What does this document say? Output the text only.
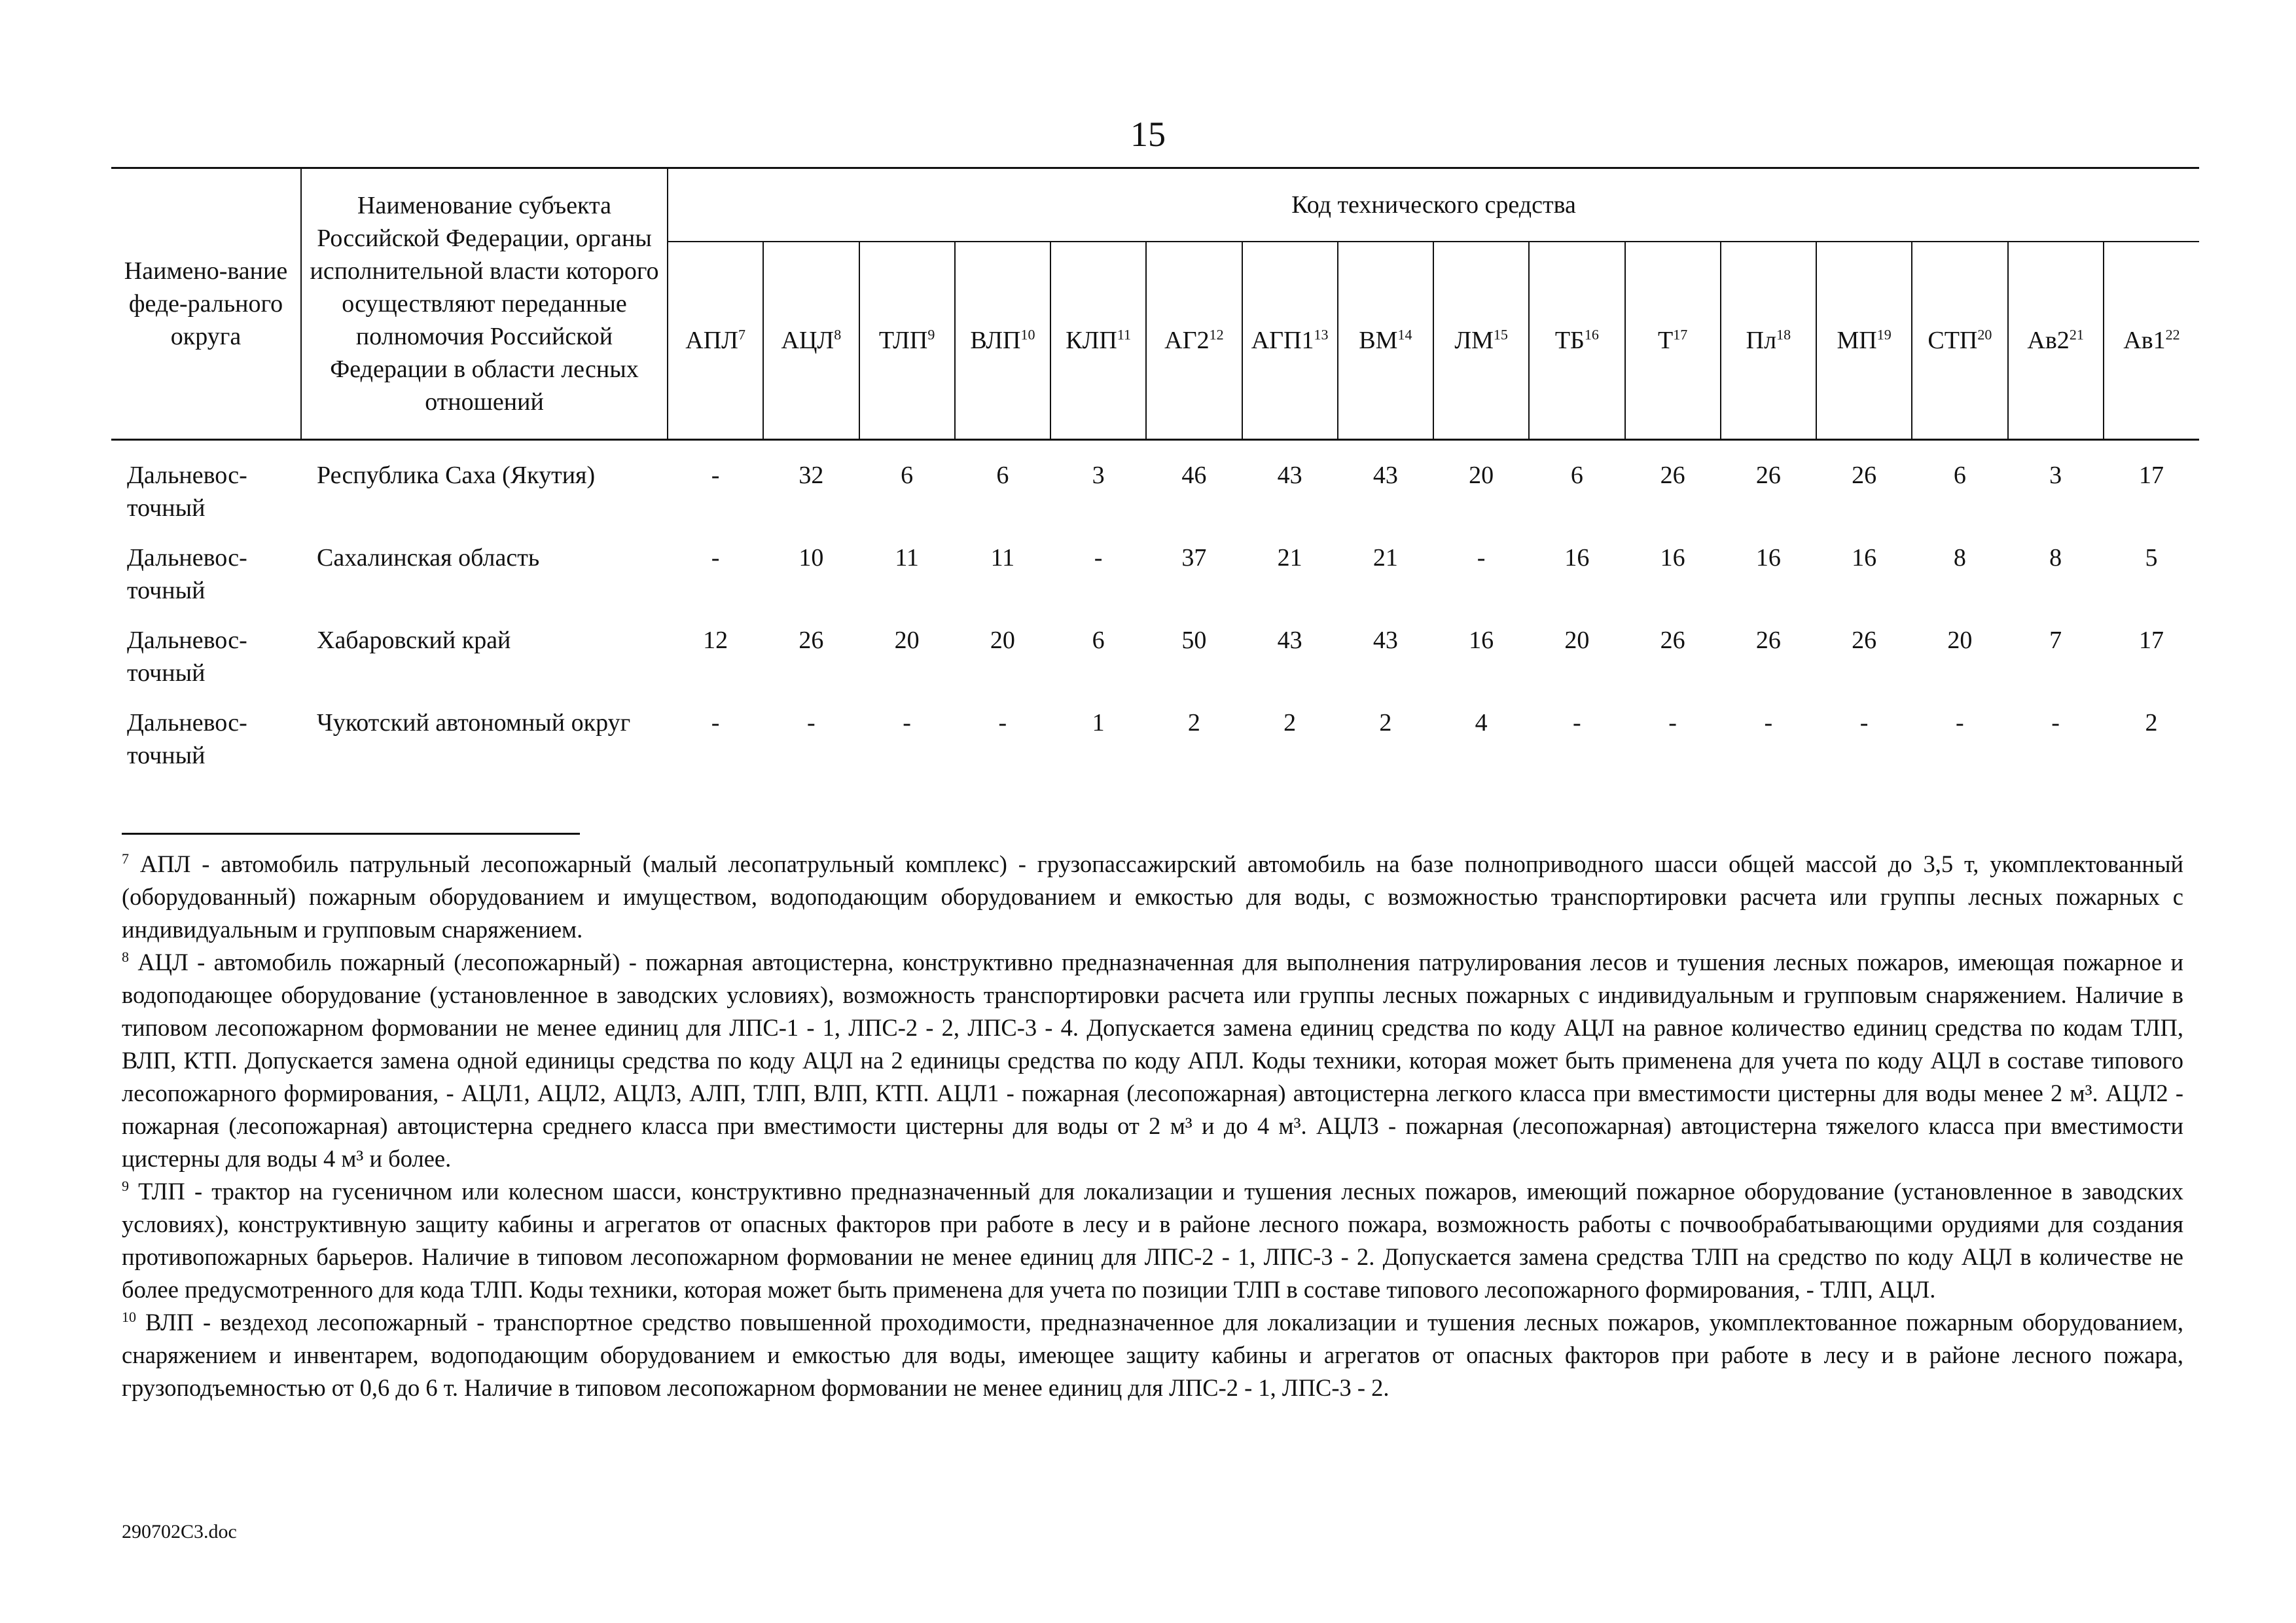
15
Наимено-вание феде-рального округа	Наименование субъекта Российской Федерации, органы исполнительной власти которого осуществляют переданные полномочия Российской Федерации в области лесных отношений	Код технического средства															
		АПЛ$^7$	АЦЛ$^8$	ТЛП$^9$	ВЛП$^{10}$	КЛП$^{11}$	$АГ2^{12}$	$АГП1^{13}$	ВМ$^{14}$	ЛМ$^{15}$	ТБ$^{16}$	$Т^{17}$	$Пл^{18}$	МП$^{19}$	СТП$^{20}$	$Ав2^{21}$	$Ав1^{22}$
Дальневос-точный	Республика Саха (Якутия)	-	32	6	6	3	46	43	43	20	6	26	26	26	6	3	17
Дальневос-точный	Сахалинская область	-	10	11	11	-	37	21	21	-	16	16	16	16	8	8	5
Дальневос-точный	Хабаровский край	12	26	20	20	6	50	43	43	16	20	26	26	26	20	7	17
Дальневос-точный	Чукотский автономный округ	-	-	-	-	1	2	2	2	4	-	-	-	-	-	-	2

$^7$ АПЛ - автомобиль патрульный лесопожарный (малый лесопатрульный комплекс) - грузопассажирский автомобиль на базе полноприводного шасси общей массой до 3,5 т, укомплектованный (оборудованный) пожарным оборудованием и имуществом, водоподающим оборудованием и емкостью для воды, с возможностью транспортировки расчета или группы лесных пожарных с индивидуальным и групповым снаряжением.

$^8$ АЦЛ - автомобиль пожарный (лесопожарный) - пожарная автоцистерна, конструктивно предназначенная для выполнения патрулирования лесов и тушения лесных пожаров, имеющая пожарное и водоподающее оборудование (установленное в заводских условиях), возможность транспортировки расчета или группы лесных пожарных с индивидуальным и групповым снаряжением. Наличие в типовом лесопожарном формовании не менее единиц для ЛПС-1 - 1, ЛПС-2 - 2, ЛПС-3 - 4. Допускается замена единиц средства по коду АЦЛ на равное количество единиц средства по кодам ТЛП, ВЛП, КТП. Допускается замена одной единицы средства по коду АЦЛ на 2 единицы средства по коду АПЛ. Коды техники, которая может быть применена для учета по коду АЦЛ в составе типового лесопожарного формирования, - АЦЛ1, АЦЛ2, АЦЛ3, АЛП, ТЛП, ВЛП, КТП. АЦЛ1 - пожарная (лесопожарная) автоцистерна легкого класса при вместимости цистерны для воды менее 2 м³. АЦЛ2 - пожарная (лесопожарная) автоцистерна среднего класса при вместимости цистерны для воды от 2 м³ и до 4 м³. АЦЛ3 - пожарная (лесопожарная) автоцистерна тяжелого класса при вместимости цистерны для воды 4 м³ и более.

$^9$ ТЛП - трактор на гусеничном или колесном шасси, конструктивно предназначенный для локализации и тушения лесных пожаров, имеющий пожарное оборудование (установленное в заводских условиях), конструктивную защиту кабины и агрегатов от опасных факторов при работе в лесу и в районе лесного пожара, возможность работы с почвообрабатывающими орудиями для создания противопожарных барьеров. Наличие в типовом лесопожарном формовании не менее единиц для ЛПС-2 - 1, ЛПС-3 - 2. Допускается замена средства ТЛП на средство по коду АЦЛ в количестве не более предусмотренного для кода ТЛП. Коды техники, которая может быть применена для учета по позиции ТЛП в составе типового лесопожарного формирования, - ТЛП, АЦЛ.

$^{10}$ ВЛП - вездеход лесопожарный - транспортное средство повышенной проходимости, предназначенное для локализации и тушения лесных пожаров, укомплектованное пожарным оборудованием, снаряжением и инвентарем, водоподающим оборудованием и емкостью для воды, имеющее защиту кабины и агрегатов от опасных факторов при работе в лесу и в районе лесного пожара, грузоподъемностью от 0,6 до 6 т. Наличие в типовом лесопожарном формовании не менее единиц для ЛПС-2 - 1, ЛПС-3 - 2.

290702C3.doc
